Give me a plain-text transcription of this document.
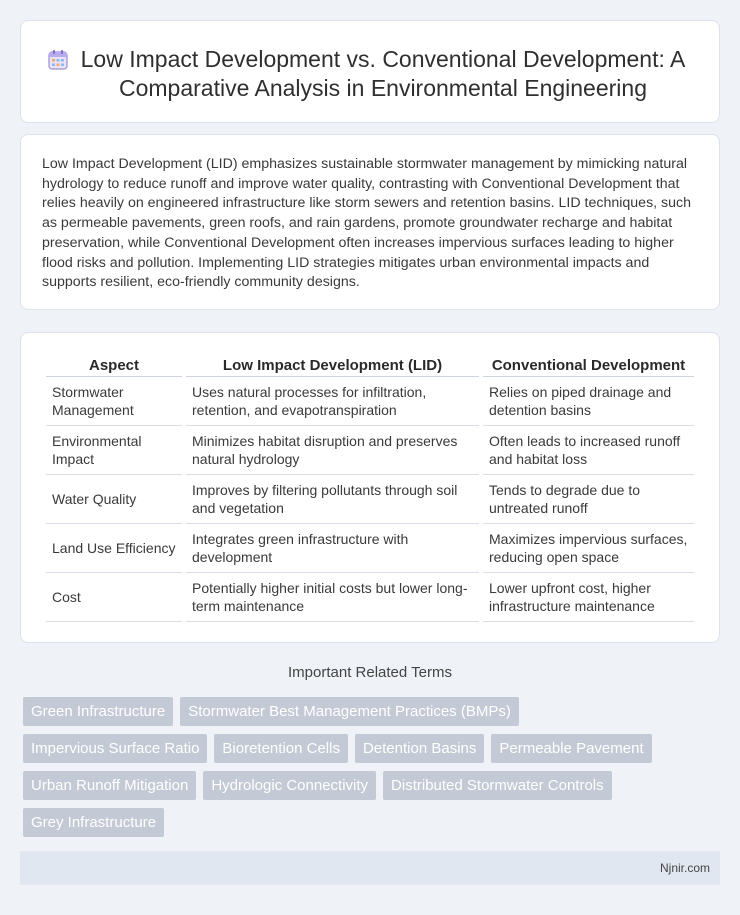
Low Impact Development vs. Conventional Development: A Comparative Analysis in Environmental Engineering

Low Impact Development (LID) emphasizes sustainable stormwater management by mimicking natural hydrology to reduce runoff and improve water quality, contrasting with Conventional Development that relies heavily on engineered infrastructure like storm sewers and retention basins. LID techniques, such as permeable pavements, green roofs, and rain gardens, promote groundwater recharge and habitat preservation, while Conventional Development often increases impervious surfaces leading to higher flood risks and pollution. Implementing LID strategies mitigates urban environmental impacts and supports resilient, eco-friendly community designs.

Aspect	Low Impact Development (LID)	Conventional Development
Stormwater Management	Uses natural processes for infiltration, retention, and evapotranspiration	Relies on piped drainage and detention basins
Environmental Impact	Minimizes habitat disruption and preserves natural hydrology	Often leads to increased runoff and habitat loss
Water Quality	Improves by filtering pollutants through soil and vegetation	Tends to degrade due to untreated runoff
Land Use Efficiency	Integrates green infrastructure with development	Maximizes impervious surfaces, reducing open space
Cost	Potentially higher initial costs but lower long-term maintenance	Lower upfront cost, higher infrastructure maintenance
Important Related Terms
Green Infrastructure	Stormwater Best Management Practices (BMPs)
Impervious Surface Ratio	Bioretention Cells	Detention Basins	Permeable Pavement
Urban Runoff Mitigation	Hydrologic Connectivity	Distributed Stormwater Controls
Grey Infrastructure
Njnir.com
